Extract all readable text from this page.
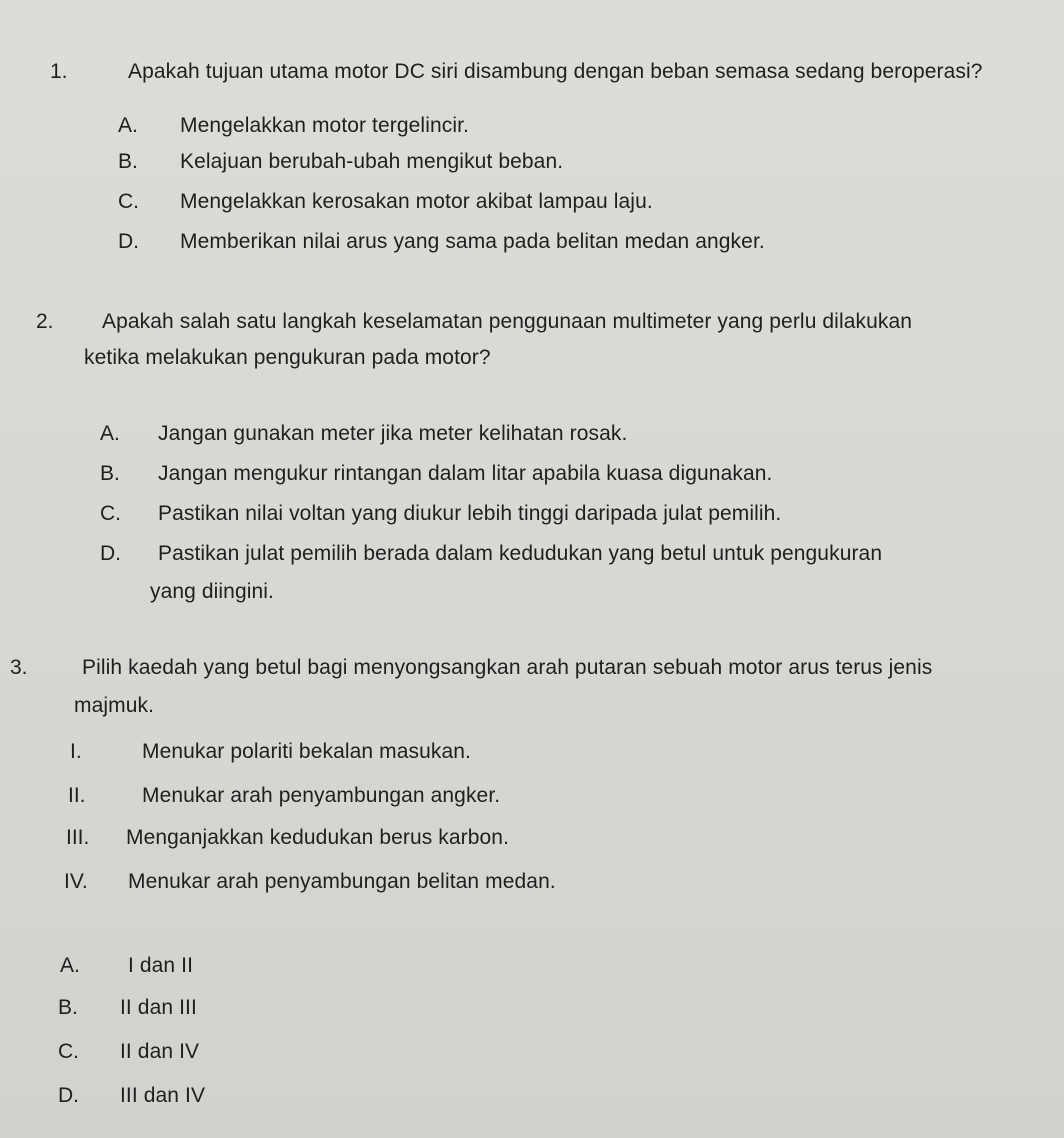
1.	Apakah tujuan utama motor DC siri disambung dengan beban semasa sedang beroperasi?
A. Mengelakkan motor tergelincir.
B. Kelajuan berubah-ubah mengikut beban.
C. Mengelakkan kerosakan motor akibat lampau laju.
D. Memberikan nilai arus yang sama pada belitan medan angker.
2. Apakah salah satu langkah keselamatan penggunaan multimeter yang perlu dilakukan
ketika melakukan pengukuran pada motor?
A. Jangan gunakan meter jika meter kelihatan rosak.
B. Jangan mengukur rintangan dalam litar apabila kuasa digunakan.
C. Pastikan nilai voltan yang diukur lebih tinggi daripada julat pemilih.
D. Pastikan julat pemilih berada dalam kedudukan yang betul untuk pengukuran
yang diingini.
3.	Pilih kaedah yang betul bagi menyongsangkan arah putaran sebuah motor arus terus jenis
majmuk.
I.	Menukar polariti bekalan masukan.
II.	Menukar arah penyambungan angker.
III. Menganjakkan kedudukan berus karbon.
IV. Menukar arah penyambungan belitan medan.
A. I dan II
B. II dan III
C. II dan IV
D. III dan IV
